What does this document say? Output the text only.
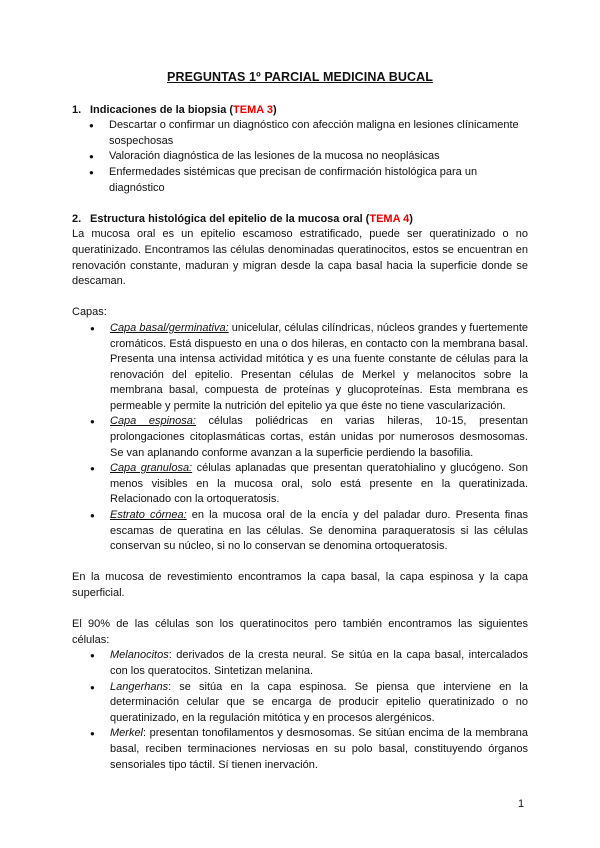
PREGUNTAS 1º PARCIAL MEDICINA BUCAL
1. Indicaciones de la biopsia (TEMA 3)
● Descartar o confirmar un diagnóstico con afección maligna en lesiones clínicamente sospechosas
● Valoración diagnóstica de las lesiones de la mucosa no neoplásicas
● Enfermedades sistémicas que precisan de confirmación histológica para un diagnóstico
2. Estructura histológica del epitelio de la mucosa oral (TEMA 4)

La mucosa oral es un epitelio escamoso estratificado, puede ser queratinizado o no queratinizado. Encontramos las células denominadas queratinocitos, estos se encuentran en renovación constante, maduran y migran desde la capa basal hacia la superficie donde se descaman.

Capas:

● Capa basal/germinativa: unicelular, células cilíndricas, núcleos grandes y fuertemente cromáticos. Está dispuesto en una o dos hileras, en contacto con la membrana basal. Presenta una intensa actividad mitótica y es una fuente constante de células para la renovación del epitelio. Presentan células de Merkel y melanocitos sobre la membrana basal, compuesta de proteínas y glucoproteínas. Esta membrana es permeable y permite la nutrición del epitelio ya que éste no tiene vascularización.
● Capa espinosa: células poliédricas en varias hileras, 10-15, presentan prolongaciones citoplasmáticas cortas, están unidas por numerosos desmosomas. Se van aplanando conforme avanzan a la superficie perdiendo la basofilia.
● Capa granulosa: células aplanadas que presentan queratohialino y glucógeno. Son menos visibles en la mucosa oral, solo está presente en la queratinizada. Relacionado con la ortoqueratosis.
● Estrato córnea: en la mucosa oral de la encía y del paladar duro. Presenta finas escamas de queratina en las células. Se denomina paraqueratosis si las células conservan su núcleo, si no lo conservan se denomina ortoqueratosis.

En la mucosa de revestimiento encontramos la capa basal, la capa espinosa y la capa superficial.

El 90% de las células son los queratinocitos pero también encontramos las siguientes células:

● Melanocitos: derivados de la cresta neural. Se sitúa en la capa basal, intercalados con los queratocitos. Sintetizan melanina.
● Langerhans: se sitúa en la capa espinosa. Se piensa que interviene en la determinación celular que se encarga de producir epitelio queratinizado o no queratinizado, en la regulación mitótica y en procesos alergénicos.
● Merkel: presentan tonofilamentos y desmosomas. Se sitúan encima de la membrana basal, reciben terminaciones nerviosas en su polo basal, constituyendo órganos sensoriales tipo táctil. Sí tienen inervación.
1
